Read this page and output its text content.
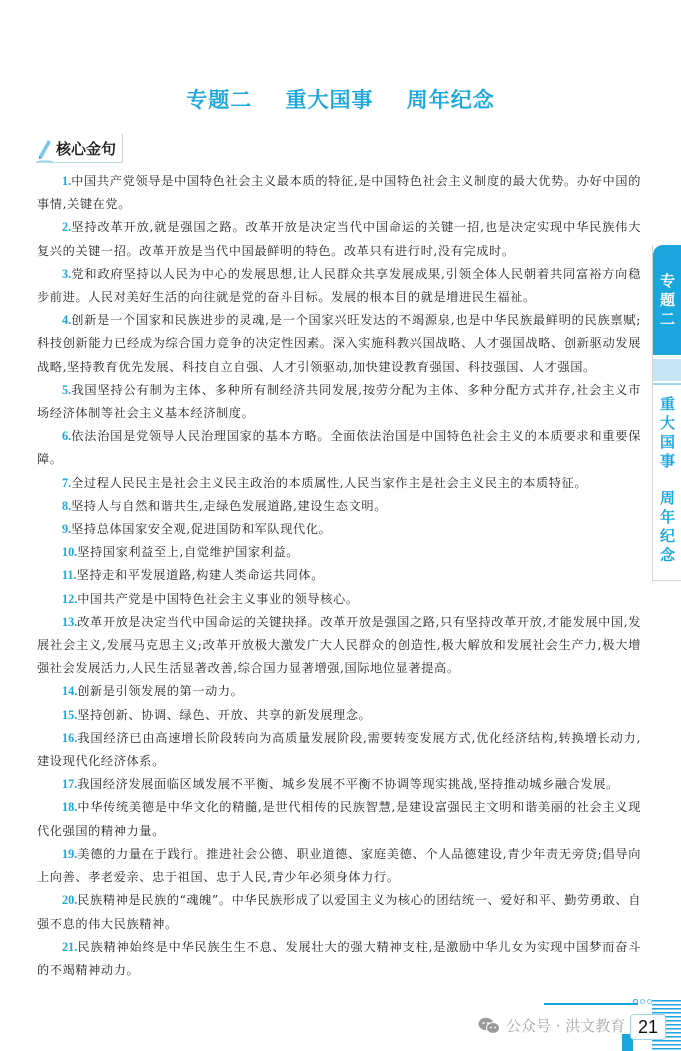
专题二    重大国事    周年纪念
核心金句

1.中国共产党领导是中国特色社会主义最本质的特征,是中国特色社会主义制度的最大优势。办好中国的事情,关键在党。

2.坚持改革开放,就是强国之路。改革开放是决定当代中国命运的关键一招,也是决定实现中华民族伟大复兴的关键一招。改革开放是当代中国最鲜明的特色。改革只有进行时,没有完成时。

3.党和政府坚持以人民为中心的发展思想,让人民群众共享发展成果,引领全体人民朝着共同富裕方向稳步前进。人民对美好生活的向往就是党的奋斗目标。发展的根本目的就是增进民生福祉。

4.创新是一个国家和民族进步的灵魂,是一个国家兴旺发达的不竭源泉,也是中华民族最鲜明的民族禀赋;科技创新能力已经成为综合国力竞争的决定性因素。深入实施科教兴国战略、人才强国战略、创新驱动发展战略,坚持教育优先发展、科技自立自强、人才引领驱动,加快建设教育强国、科技强国、人才强国。

5.我国坚持公有制为主体、多种所有制经济共同发展,按劳分配为主体、多种分配方式并存,社会主义市场经济体制等社会主义基本经济制度。

6.依法治国是党领导人民治理国家的基本方略。全面依法治国是中国特色社会主义的本质要求和重要保障。

7.全过程人民民主是社会主义民主政治的本质属性,人民当家作主是社会主义民主的本质特征。

8.坚持人与自然和谐共生,走绿色发展道路,建设生态文明。

9.坚持总体国家安全观,促进国防和军队现代化。

10.坚持国家利益至上,自觉维护国家利益。

11.坚持走和平发展道路,构建人类命运共同体。

12.中国共产党是中国特色社会主义事业的领导核心。

13.改革开放是决定当代中国命运的关键抉择。改革开放是强国之路,只有坚持改革开放,才能发展中国,发展社会主义,发展马克思主义;改革开放极大激发广大人民群众的创造性,极大解放和发展社会生产力,极大增强社会发展活力,人民生活显著改善,综合国力显著增强,国际地位显著提高。

14.创新是引领发展的第一动力。

15.坚持创新、协调、绿色、开放、共享的新发展理念。

16.我国经济已由高速增长阶段转向为高质量发展阶段,需要转变发展方式,优化经济结构,转换增长动力,建设现代化经济体系。

17.我国经济发展面临区域发展不平衡、城乡发展不平衡不协调等现实挑战,坚持推动城乡融合发展。

18.中华传统美德是中华文化的精髓,是世代相传的民族智慧,是建设富强民主文明和谐美丽的社会主义现代化强国的精神力量。

19.美德的力量在于践行。推进社会公德、职业道德、家庭美德、个人品德建设,青少年责无旁贷;倡导向上向善、孝老爱亲、忠于祖国、忠于人民,青少年必须身体力行。

20.民族精神是民族的“魂魄”。中华民族形成了以爱国主义为核心的团结统一、爱好和平、勤劳勇敢、自强不息的伟大民族精神。

21.民族精神始终是中华民族生生不息、发展壮大的强大精神支柱,是激励中华儿女为实现中国梦而奋斗的不竭精神动力。

专
题
二
重
大
国
事
周
年
纪
念
公众号 · 洪文教育 21
